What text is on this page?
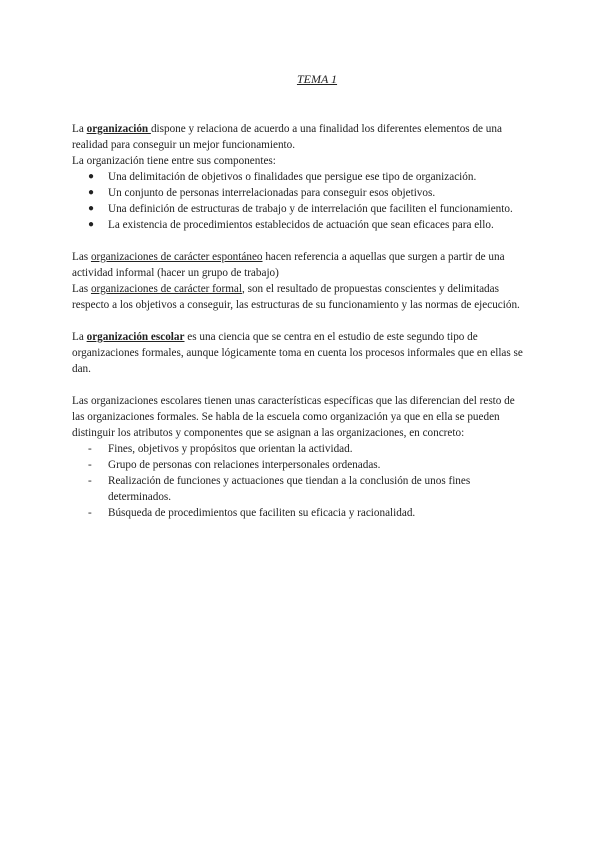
TEMA 1

La organización dispone y relaciona de acuerdo a una finalidad los diferentes elementos de una realidad para conseguir un mejor funcionamiento.

La organización tiene entre sus componentes:

● Una delimitación de objetivos o finalidades que persigue ese tipo de organización.
● Un conjunto de personas interrelacionadas para conseguir esos objetivos.
● Una definición de estructuras de trabajo y de interrelación que faciliten el funcionamiento.
● La existencia de procedimientos establecidos de actuación que sean eficaces para ello.

Las organizaciones de carácter espontáneo hacen referencia a aquellas que surgen a partir de una actividad informal (hacer un grupo de trabajo)

Las organizaciones de carácter formal, son el resultado de propuestas conscientes y delimitadas respecto a los objetivos a conseguir, las estructuras de su funcionamiento y las normas de ejecución.

La organización escolar es una ciencia que se centra en el estudio de este segundo tipo de organizaciones formales, aunque lógicamente toma en cuenta los procesos informales que en ellas se dan.

Las organizaciones escolares tienen unas características específicas que las diferencian del resto de las organizaciones formales. Se habla de la escuela como organización ya que en ella se pueden distinguir los atributos y componentes que se asignan a las organizaciones, en concreto:

- Fines, objetivos y propósitos que orientan la actividad.
- Grupo de personas con relaciones interpersonales ordenadas.
- Realización de funciones y actuaciones que tiendan a la conclusión de unos fines determinados.
- Búsqueda de procedimientos que faciliten su eficacia y racionalidad.
